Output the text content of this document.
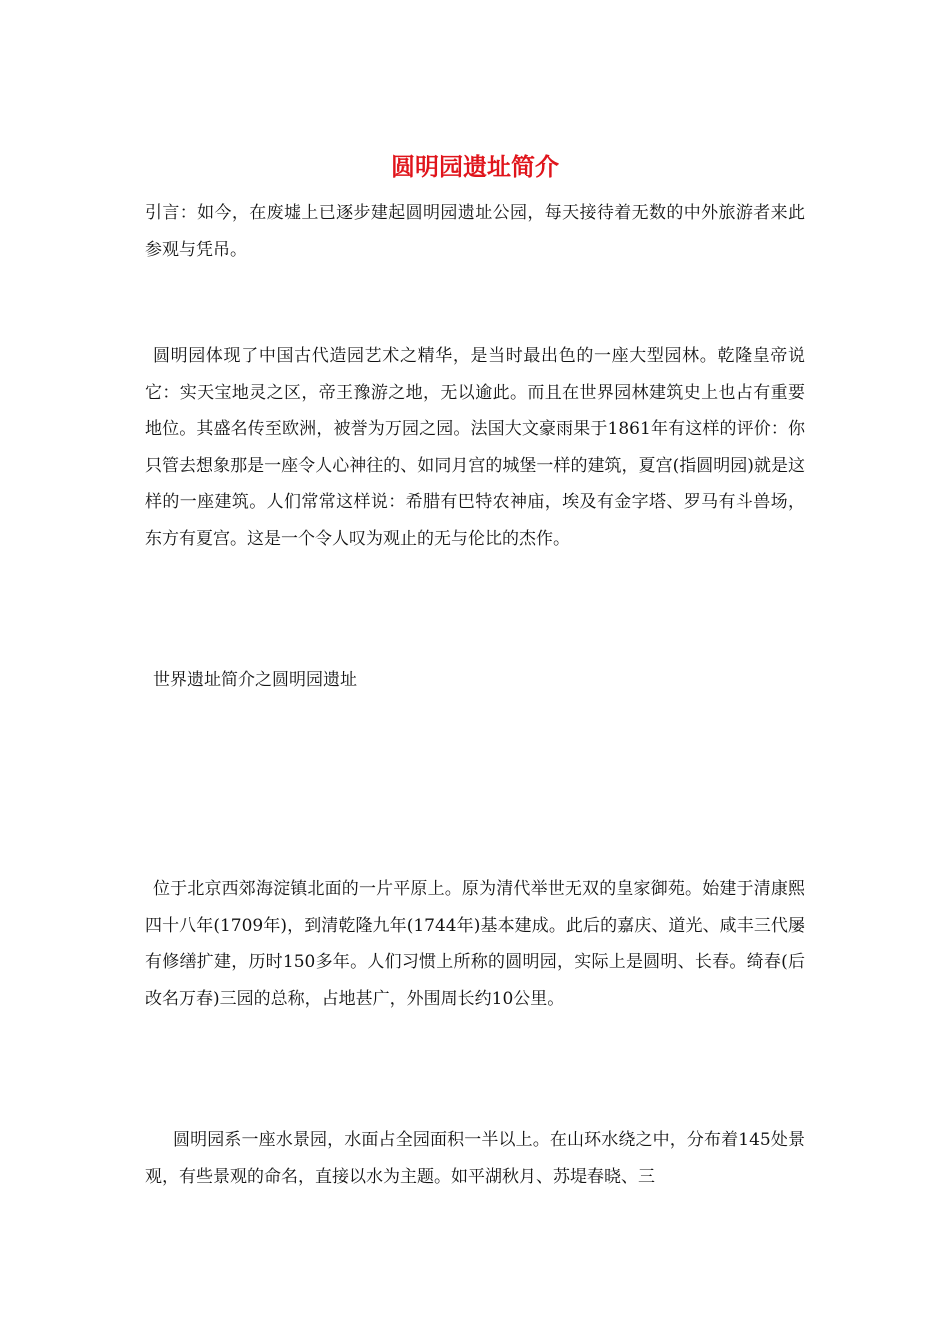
圆明园遗址简介

引言：如今，在废墟上已逐步建起圆明园遗址公园，每天接待着无数的中外旅游者来此参观与凭吊。

圆明园体现了中国古代造园艺术之精华，是当时最出色的一座大型园林。乾隆皇帝说它：实天宝地灵之区，帝王豫游之地，无以逾此。而且在世界园林建筑史上也占有重要地位。其盛名传至欧洲，被誉为万园之园。法国大文豪雨果于1861年有这样的评价：你只管去想象那是一座令人心神往的、如同月宫的城堡一样的建筑，夏宫(指圆明园)就是这样的一座建筑。人们常常这样说：希腊有巴特农神庙，埃及有金字塔、罗马有斗兽场，东方有夏宫。这是一个令人叹为观止的无与伦比的杰作。

世界遗址简介之圆明园遗址

位于北京西郊海淀镇北面的一片平原上。原为清代举世无双的皇家御苑。始建于清康熙四十八年(1709年)，到清乾隆九年(1744年)基本建成。此后的嘉庆、道光、咸丰三代屡有修缮扩建，历时150多年。人们习惯上所称的圆明园，实际上是圆明、长春。绮春(后改名万春)三园的总称，占地甚广，外围周长约10公里。

圆明园系一座水景园，水面占全园面积一半以上。在山环水绕之中，分布着145处景观，有些景观的命名，直接以水为主题。如平湖秋月、苏堤春晓、三
